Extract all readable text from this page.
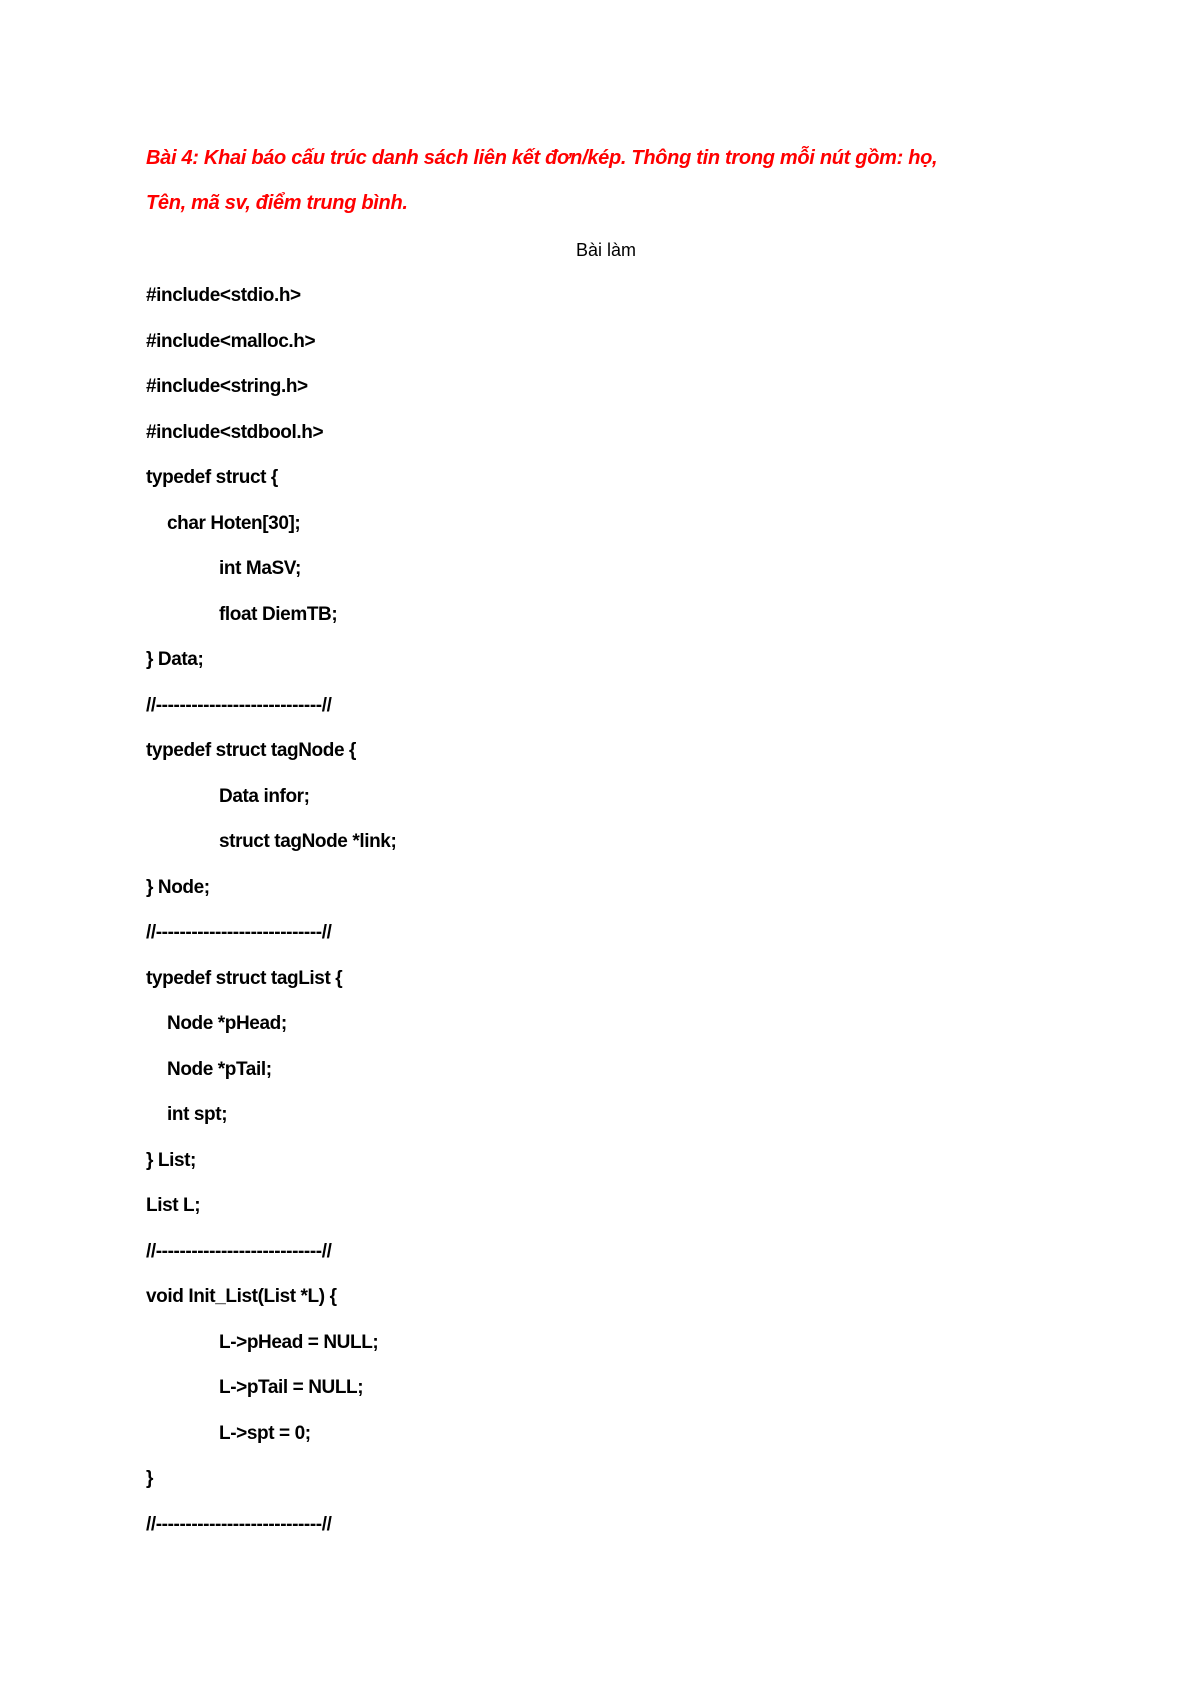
Bài 4: Khai báo cấu trúc danh sách liên kết đơn/kép. Thông tin trong mỗi nút gồm: họ,
Tên, mã sv, điểm trung bình.
Bài làm
#include<stdio.h>
#include<malloc.h>
#include<string.h>
#include<stdbool.h>
typedef struct {
char Hoten[30];
int MaSV;
float DiemTB;
} Data;
//----------------------------//
typedef struct tagNode {
Data infor;
struct tagNode *link;
} Node;
//----------------------------//
typedef struct tagList {
Node *pHead;
Node *pTail;
int spt;
} List;
List L;
//----------------------------//
void Init_List(List *L) {
L->pHead = NULL;
L->pTail = NULL;
L->spt = 0;
}
//----------------------------//
